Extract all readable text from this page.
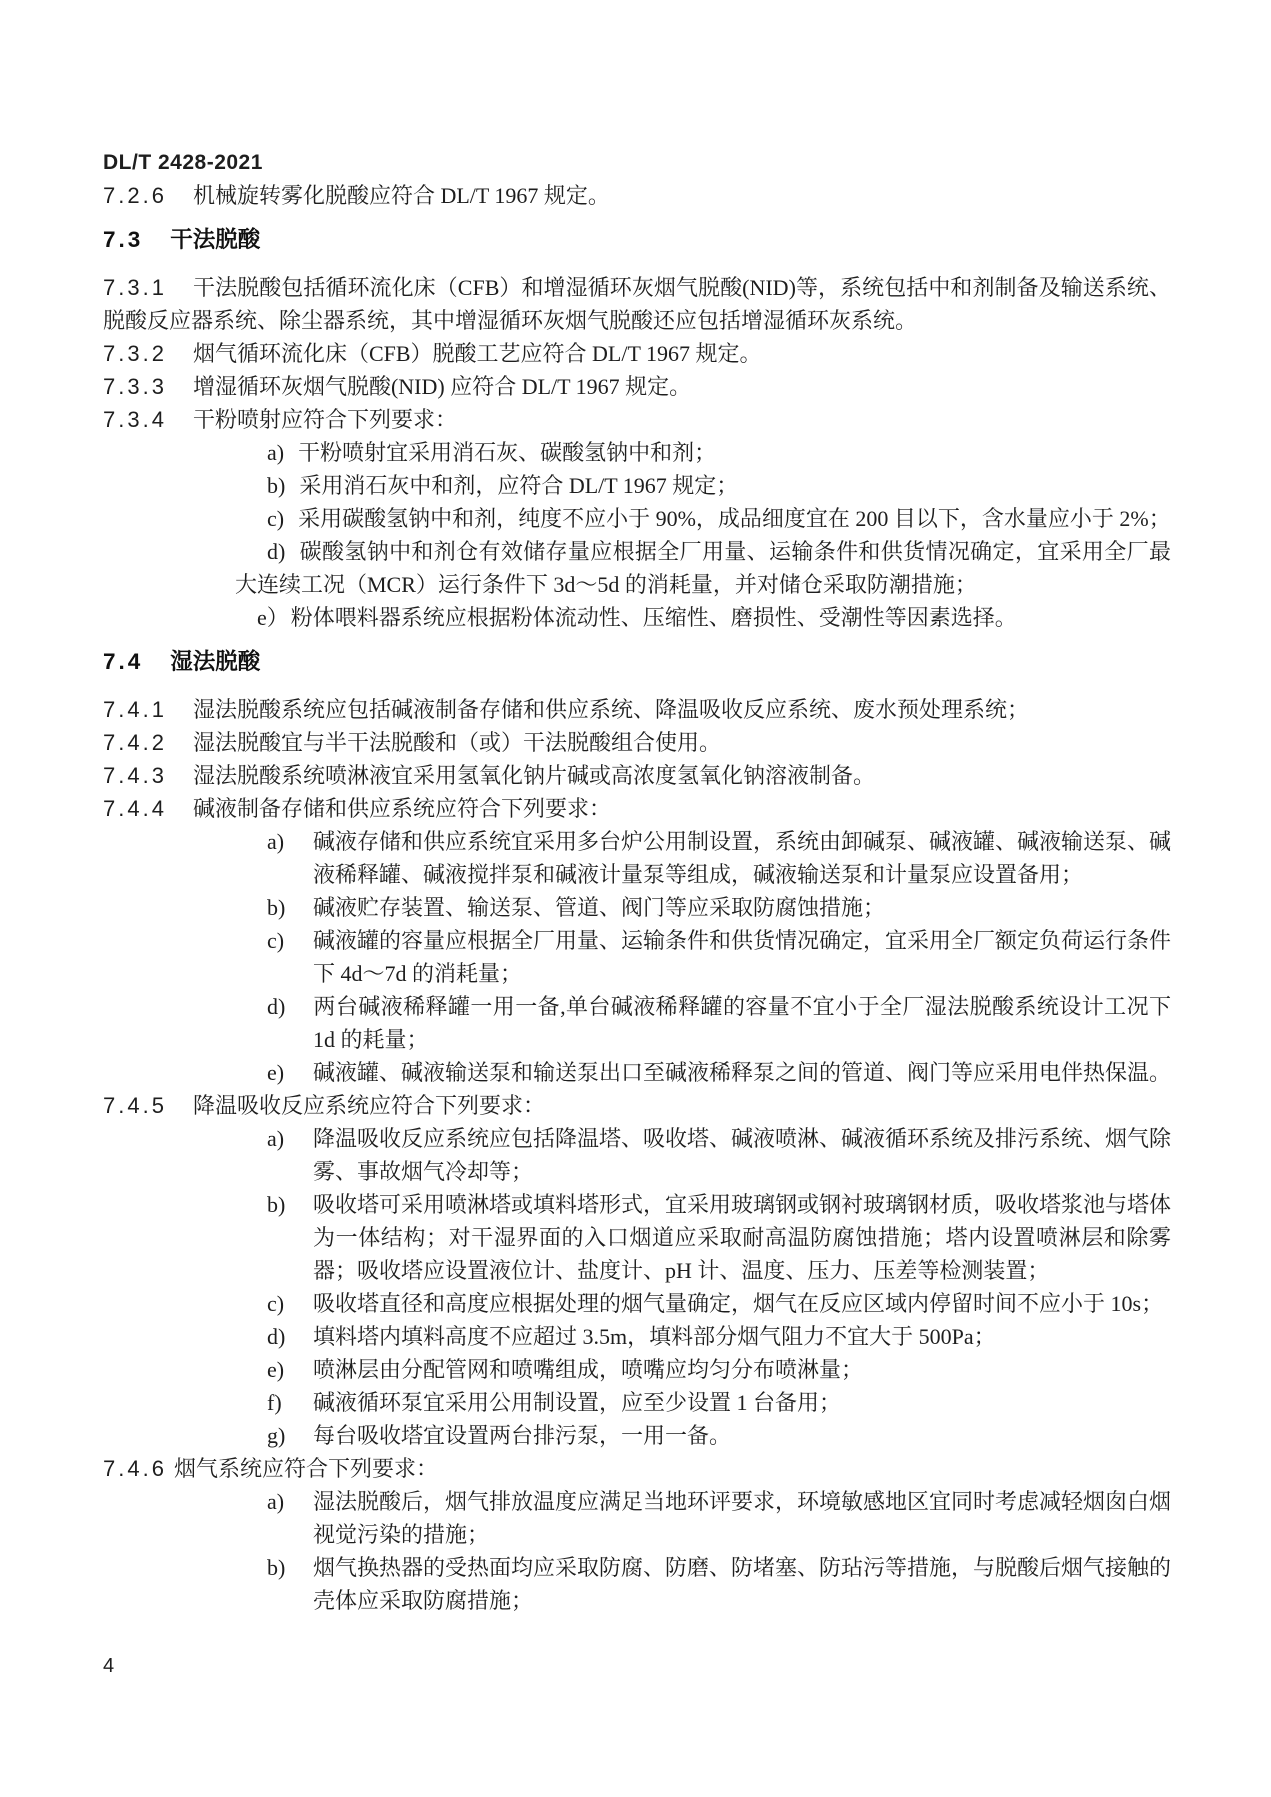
DL/T 2428-2021

7.2.6 机械旋转雾化脱酸应符合 DL/T 1967 规定。

7.3 干法脱酸

7.3.1 干法脱酸包括循环流化床（CFB）和增湿循环灰烟气脱酸(NID)等，系统包括中和剂制备及输送系统、脱酸反应器系统、除尘器系统，其中增湿循环灰烟气脱酸还应包括增湿循环灰系统。

7.3.2 烟气循环流化床（CFB）脱酸工艺应符合 DL/T 1967 规定。

7.3.3 增湿循环灰烟气脱酸(NID) 应符合 DL/T 1967 规定。

7.3.4 干粉喷射应符合下列要求：

a) 干粉喷射宜采用消石灰、碳酸氢钠中和剂；

b) 采用消石灰中和剂，应符合 DL/T 1967 规定；

c) 采用碳酸氢钠中和剂，纯度不应小于 90%，成品细度宜在 200 目以下，含水量应小于 2%；

d) 碳酸氢钠中和剂仓有效储存量应根据全厂用量、运输条件和供货情况确定，宜采用全厂最大连续工况（MCR）运行条件下 3d～5d 的消耗量，并对储仓采取防潮措施；

e）粉体喂料器系统应根据粉体流动性、压缩性、磨损性、受潮性等因素选择。

7.4 湿法脱酸

7.4.1 湿法脱酸系统应包括碱液制备存储和供应系统、降温吸收反应系统、废水预处理系统；

7.4.2 湿法脱酸宜与半干法脱酸和（或）干法脱酸组合使用。

7.4.3 湿法脱酸系统喷淋液宜采用氢氧化钠片碱或高浓度氢氧化钠溶液制备。

7.4.4 碱液制备存储和供应系统应符合下列要求：

a) 碱液存储和供应系统宜采用多台炉公用制设置，系统由卸碱泵、碱液罐、碱液输送泵、碱液稀释罐、碱液搅拌泵和碱液计量泵等组成，碱液输送泵和计量泵应设置备用；

b) 碱液贮存装置、输送泵、管道、阀门等应采取防腐蚀措施；

c) 碱液罐的容量应根据全厂用量、运输条件和供货情况确定，宜采用全厂额定负荷运行条件下 4d～7d 的消耗量；

d) 两台碱液稀释罐一用一备,单台碱液稀释罐的容量不宜小于全厂湿法脱酸系统设计工况下 1d 的耗量；

e) 碱液罐、碱液输送泵和输送泵出口至碱液稀释泵之间的管道、阀门等应采用电伴热保温。

7.4.5 降温吸收反应系统应符合下列要求：

a) 降温吸收反应系统应包括降温塔、吸收塔、碱液喷淋、碱液循环系统及排污系统、烟气除雾、事故烟气冷却等；

b) 吸收塔可采用喷淋塔或填料塔形式，宜采用玻璃钢或钢衬玻璃钢材质，吸收塔浆池与塔体为一体结构；对干湿界面的入口烟道应采取耐高温防腐蚀措施；塔内设置喷淋层和除雾器；吸收塔应设置液位计、盐度计、pH 计、温度、压力、压差等检测装置；

c) 吸收塔直径和高度应根据处理的烟气量确定，烟气在反应区域内停留时间不应小于 10s；

d) 填料塔内填料高度不应超过 3.5m，填料部分烟气阻力不宜大于 500Pa；

e) 喷淋层由分配管网和喷嘴组成，喷嘴应均匀分布喷淋量；

f) 碱液循环泵宜采用公用制设置，应至少设置 1 台备用；

g) 每台吸收塔宜设置两台排污泵，一用一备。

7.4.6 烟气系统应符合下列要求：

a) 湿法脱酸后，烟气排放温度应满足当地环评要求，环境敏感地区宜同时考虑减轻烟囱白烟视觉污染的措施；

b) 烟气换热器的受热面均应采取防腐、防磨、防堵塞、防玷污等措施，与脱酸后烟气接触的壳体应采取防腐措施；

4
